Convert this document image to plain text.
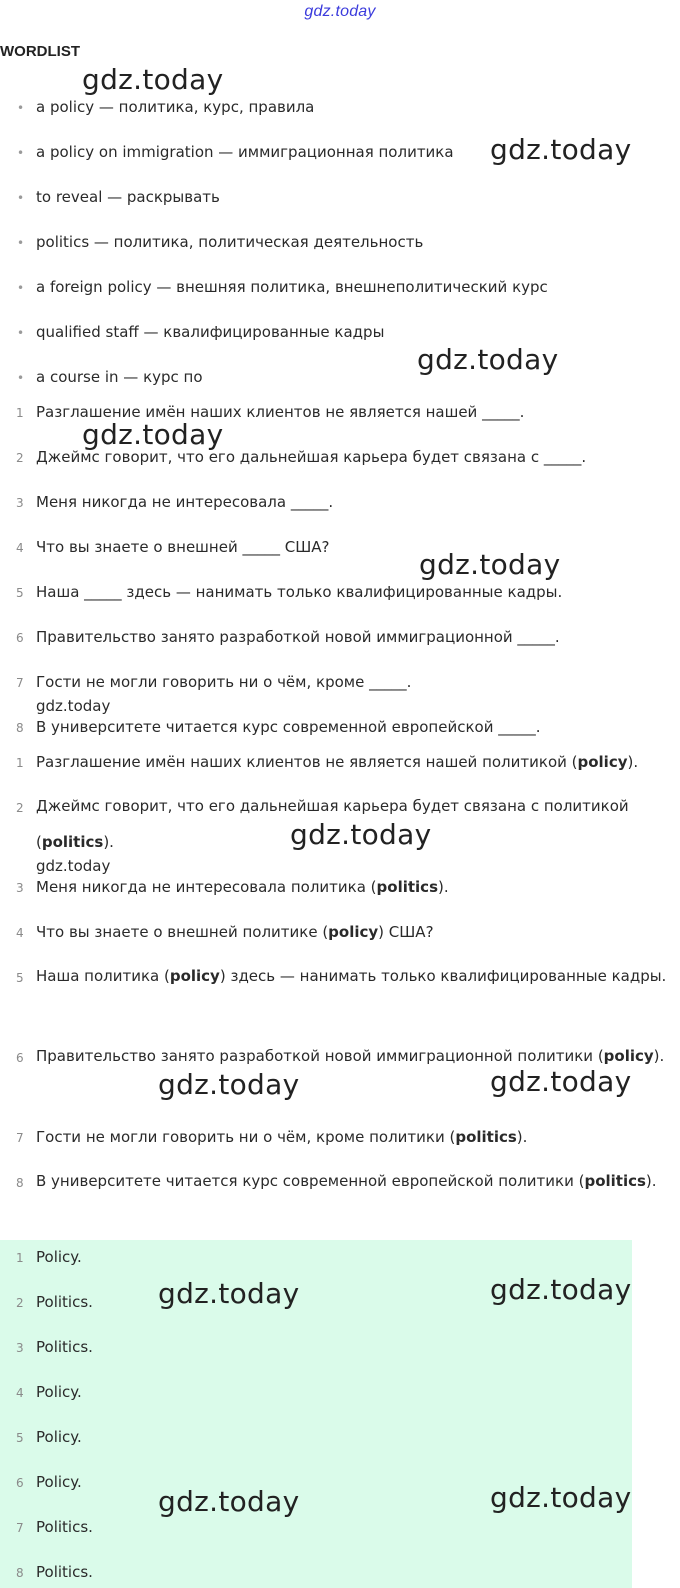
gdz.today
WORDLIST
• a policy — политика, курс, правила
• a policy on immigration — иммиграционная политика
• to reveal — раскрывать
• politics — политика, политическая деятельность
• a foreign policy — внешняя политика, внешнеполитический курс
• qualified staff — квалифицированные кадры
• a course in — курс по
1 Разглашение имён наших клиентов не является нашей _____.
2 Джеймс говорит, что его дальнейшая карьера будет связана с _____.
3 Меня никогда не интересовала _____.
4 Что вы знаете о внешней _____ США?
5 Наша _____ здесь — нанимать только квалифицированные кадры.
6 Правительство занято разработкой новой иммиграционной _____.
7 Гости не могли говорить ни о чём, кроме _____.
8 В университете читается курс современной европейской _____.
1 Разглашение имён наших клиентов не является нашей политикой (policy).
2 Джеймс говорит, что его дальнейшая карьера будет связана с политикой (politics).
3 Меня никогда не интересовала политика (politics).
4 Что вы знаете о внешней политике (policy) США?
5 Наша политика (policy) здесь — нанимать только квалифицированные кадры.
6 Правительство занято разработкой новой иммиграционной политики (policy).
7 Гости не могли говорить ни о чём, кроме политики (politics).
8 В университете читается курс современной европейской политики (politics).
1 Policy.
2 Politics.
3 Politics.
4 Policy.
5 Policy.
6 Policy.
7 Politics.
8 Politics.
gdz.today
gdz.today
gdz.today
gdz.today
gdz.today
gdz.today
gdz.today
gdz.today
gdz.today	gdz.today
gdz.today	gdz.today
gdz.today	gdz.today
